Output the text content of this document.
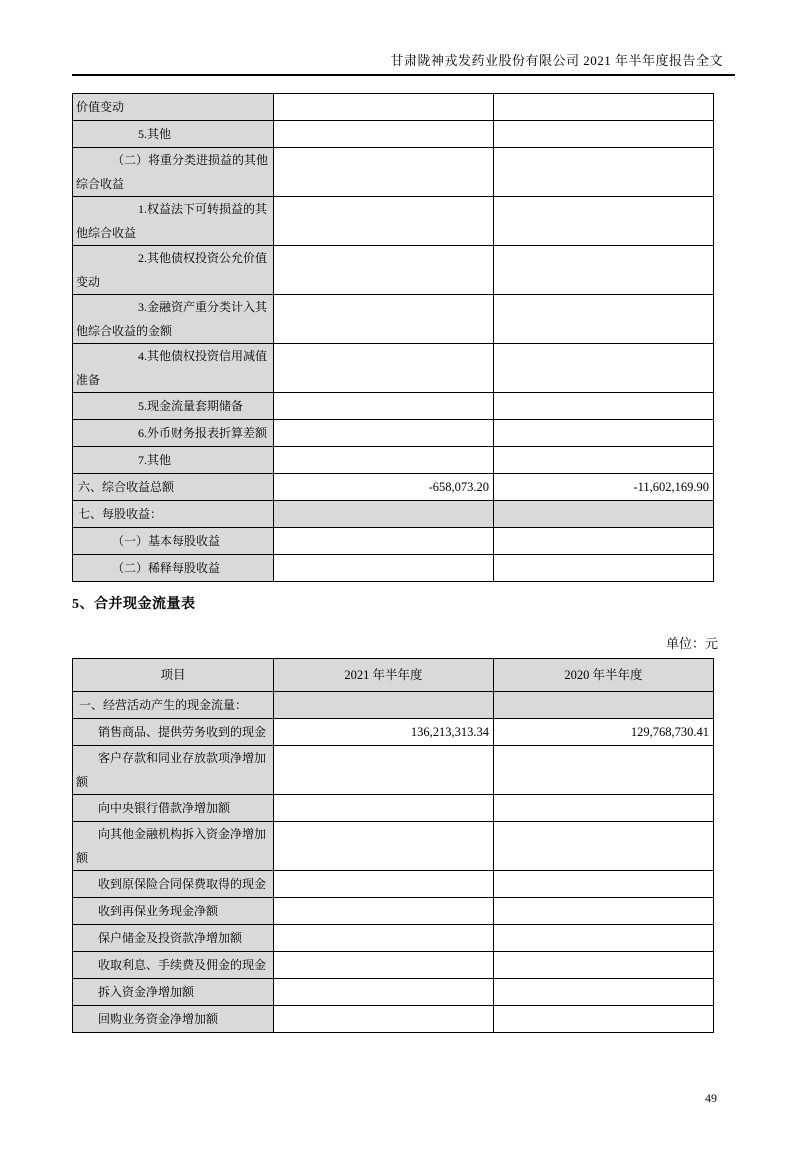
甘肃陇神戎发药业股份有限公司 2021 年半年度报告全文
价值变动		
5.其他		
（二）将重分类进损益的其他综合收益		
1.权益法下可转损益的其他综合收益		
2.其他债权投资公允价值变动		
3.金融资产重分类计入其他综合收益的金额		
4.其他债权投资信用减值准备		
5.现金流量套期储备		
6.外币财务报表折算差额		
7.其他		
六、综合收益总额	-658,073.20	-11,602,169.90
七、每股收益：		
（一）基本每股收益		
（二）稀释每股收益		
5、合并现金流量表
单位：元
项目	2021 年半年度	2020 年半年度
一、经营活动产生的现金流量：		
销售商品、提供劳务收到的现金	136,213,313.34	129,768,730.41
客户存款和同业存放款项净增加额		
向中央银行借款净增加额		
向其他金融机构拆入资金净增加额		
收到原保险合同保费取得的现金		
收到再保业务现金净额		
保户储金及投资款净增加额		
收取利息、手续费及佣金的现金		
拆入资金净增加额		
回购业务资金净增加额		
49
